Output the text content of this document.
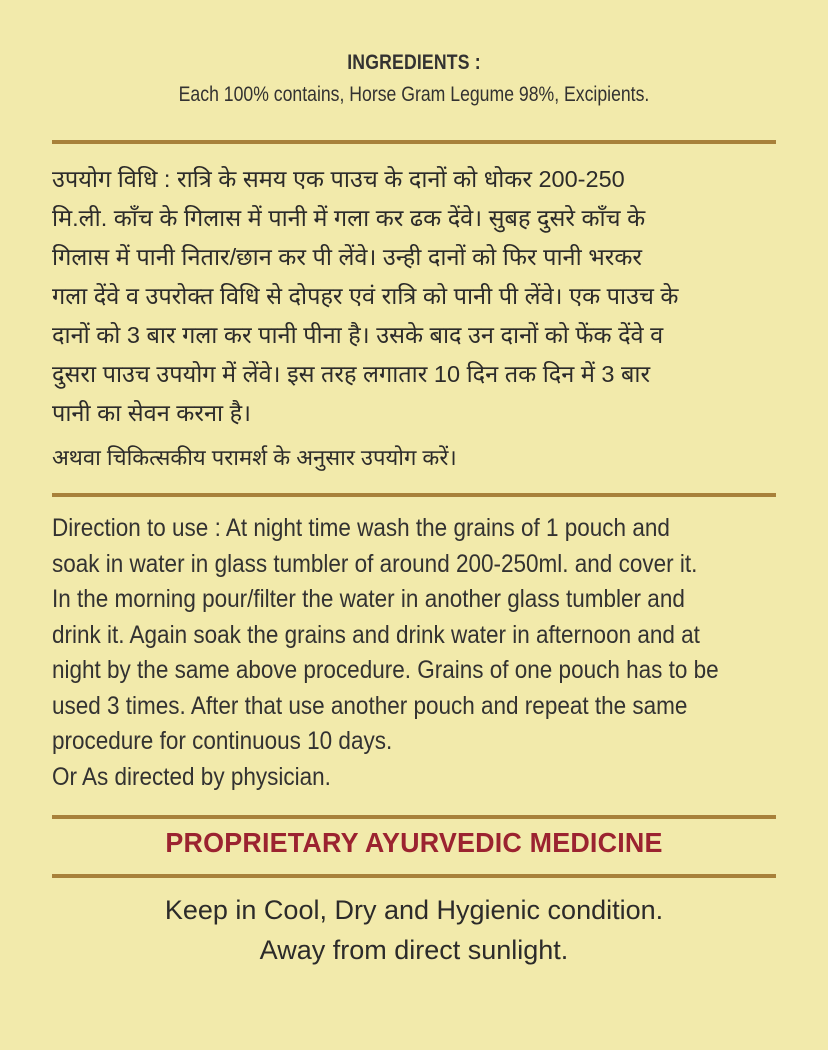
INGREDIENTS :
Each 100% contains, Horse Gram Legume 98%, Excipients.
उपयोग विधि : रात्रि के समय एक पाउच के दानों को धोकर 200-250
मि.ली. काँच के गिलास में पानी में गला कर ढक देंवे। सुबह दुसरे काँच के
गिलास में पानी नितार/छान कर पी लेंवे। उन्ही दानों को फिर पानी भरकर
गला देंवे व उपरोक्त विधि से दोपहर एवं रात्रि को पानी पी लेंवे। एक पाउच के
दानों को 3 बार गला कर पानी पीना है। उसके बाद उन दानों को फेंक देंवे व
दुसरा पाउच उपयोग में लेंवे। इस तरह लगातार 10 दिन तक दिन में 3 बार
पानी का सेवन करना है।
अथवा चिकित्सकीय परामर्श के अनुसार उपयोग करें।
Direction to use : At night time wash the grains of 1 pouch and
soak in water in glass tumbler of around 200-250ml. and cover it.
In the morning pour/filter the water in another glass tumbler and
drink it. Again soak the grains and drink water in afternoon and at
night by the same above procedure. Grains of one pouch has to be
used 3 times. After that use another pouch and repeat the same
procedure for continuous 10 days.
Or As directed by physician.
PROPRIETARY AYURVEDIC MEDICINE
Keep in Cool, Dry and Hygienic condition.
Away from direct sunlight.
